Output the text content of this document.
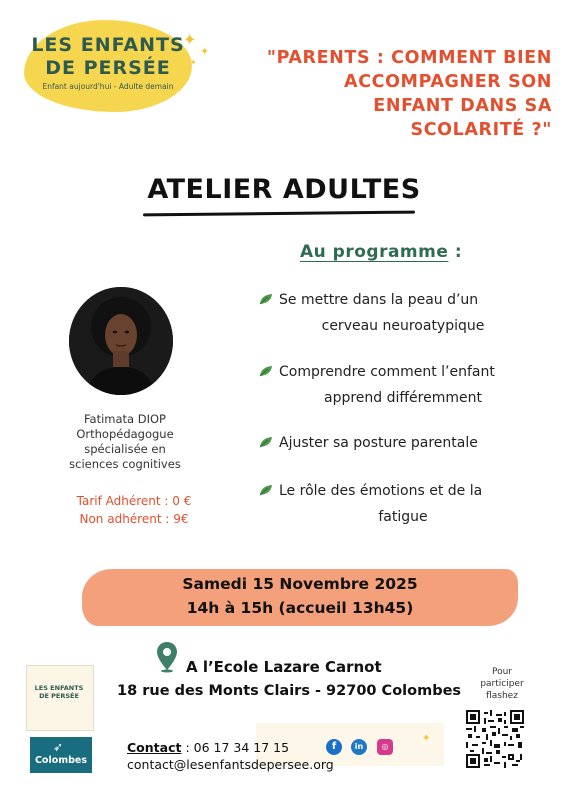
LES ENFANTS
DE PERSÉE
Enfant aujourd'hui - Adulte demain
✦
✦
✦	"PARENTS : COMMENT BIEN
ACCOMPAGNER SON
ENFANT DANS SA
SCOLARITÉ ?"
ATELIER ADULTES
Au programme :
Fatimata DIOP
Orthopédagogue
spécialisée en
sciences cognitives
Tarif Adhérent : 0 €
Non adhérent : 9€
Se mettre dans la peau d’un
cerveau neuroatypique
Comprendre comment l’enfant
apprend différemment
Ajuster sa posture parentale
Le rôle des émotions et de la
fatigue
Samedi 15 Novembre 2025
14h à 15h (accueil 13h45)
A l’Ecole Lazare Carnot
18 rue des Monts Clairs - 92700 Colombes
LES ENFANTS
DE PERSÉE
➶
Colombes
✦
Contact : 06 17 34 17 15
contact@lesenfantsdepersee.org
f	in	◎
Pour
participer
flashez
